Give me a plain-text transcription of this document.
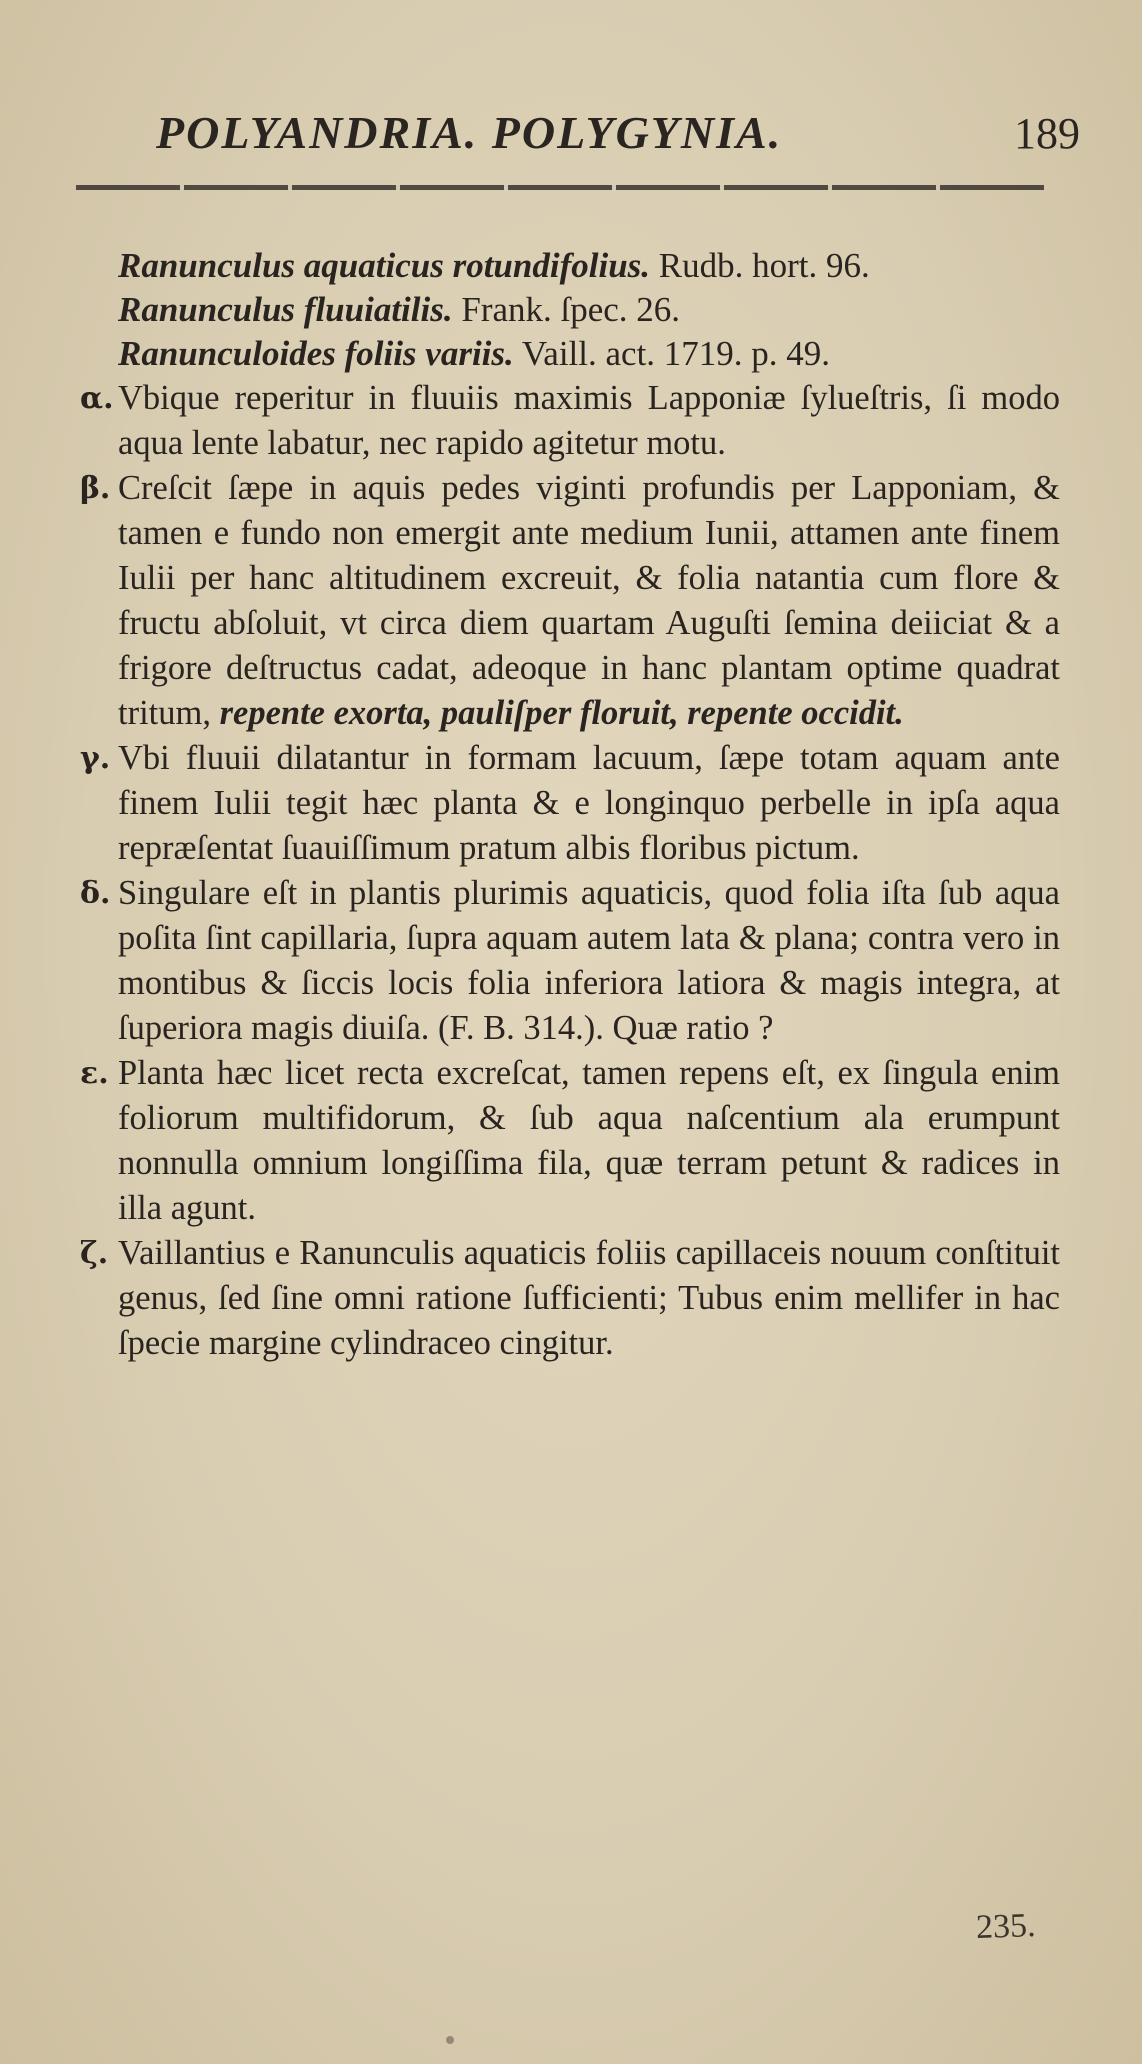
POLYANDRIA. POLYGYNIA.	189
Ranunculus aquaticus rotundifolius. Rudb. hort. 96.
Ranunculus fluuiatilis. Frank. ſpec. 26.
Ranunculoides foliis variis. Vaill. act. 1719. p. 49.
α. Vbique reperitur in fluuiis maximis Lapponiæ ſylueſtris, ſi modo aqua lente labatur, nec rapido agitetur motu.
β. Creſcit ſæpe in aquis pedes viginti profundis per Lapponiam, & tamen e fundo non emergit ante medium Iunii, attamen ante finem Iulii per hanc altitudinem excreuit, & folia natantia cum flore & fructu abſoluit, vt circa diem quartam Auguſti ſemina deiiciat & a frigore deſtructus cadat, adeoque in hanc plantam optime quadrat tritum, repente exorta, pauliſper floruit, repente occidit.
γ. Vbi fluuii dilatantur in formam lacuum, ſæpe totam aquam ante finem Iulii tegit hæc planta & e longinquo perbelle in ipſa aqua repræſentat ſuauiſſimum pratum albis floribus pictum.
δ. Singulare eſt in plantis plurimis aquaticis, quod folia iſta ſub aqua poſita ſint capillaria, ſupra aquam autem lata & plana; contra vero in montibus & ſiccis locis folia inferiora latiora & magis integra, at ſuperiora magis diuiſa. (F. B. 314.). Quæ ratio ?
ε. Planta hæc licet recta excreſcat, tamen repens eſt, ex ſingula enim foliorum multifidorum, & ſub aqua naſcentium ala erumpunt nonnulla omnium longiſſima fila, quæ terram petunt & radices in illa agunt.
ζ. Vaillantius e Ranunculis aquaticis foliis capillaceis nouum conſtituit genus, ſed ſine omni ratione ſufficienti; Tubus enim mellifer in hac ſpecie margine cylindraceo cingitur.
235.
